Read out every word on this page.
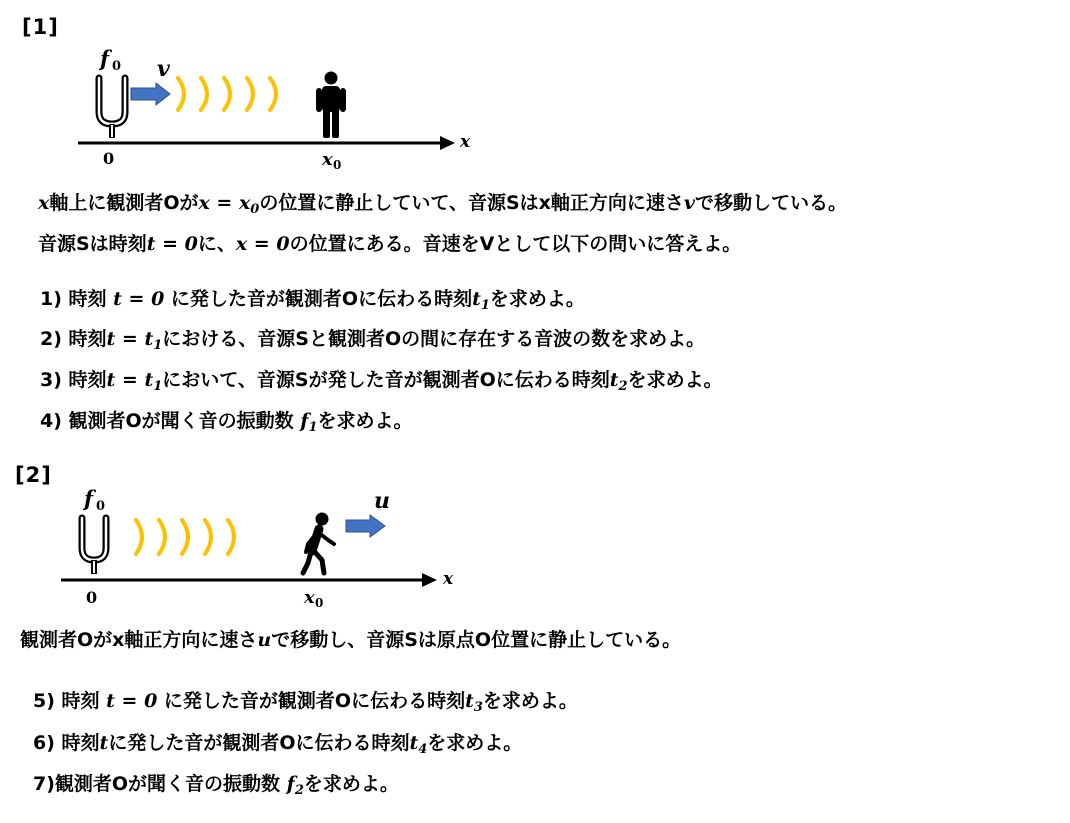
[1]
f 0 v
x
0	x 0
x軸上に観測者Oが$x = x_0$の位置に静止していて、音源Sはx軸正方向に速さvで移動している。
音源Sは時刻t = 0に、x = 0の位置にある。音速をVとして以下の問いに答えよ。
1) 時刻 t = 0 に発した音が観測者Oに伝わる時刻$t_1$を求めよ。
2) 時刻$t = t_1$における、音源Sと観測者Oの間に存在する音波の数を求めよ。
3) 時刻$t = t_1$において、音源Sが発した音が観測者Oに伝わる時刻$t_2$を求めよ。
4) 観測者Oが聞く音の振動数 $f_1$を求めよ。
[2]
f 0	u
x
0	x 0
観測者Oがx軸正方向に速さuで移動し、音源Sは原点O位置に静止している。
5) 時刻 t = 0 に発した音が観測者Oに伝わる時刻$t_3$を求めよ。
6) 時刻tに発した音が観測者Oに伝わる時刻$t_4$を求めよ。
7)観測者Oが聞く音の振動数 $f_2$を求めよ。
